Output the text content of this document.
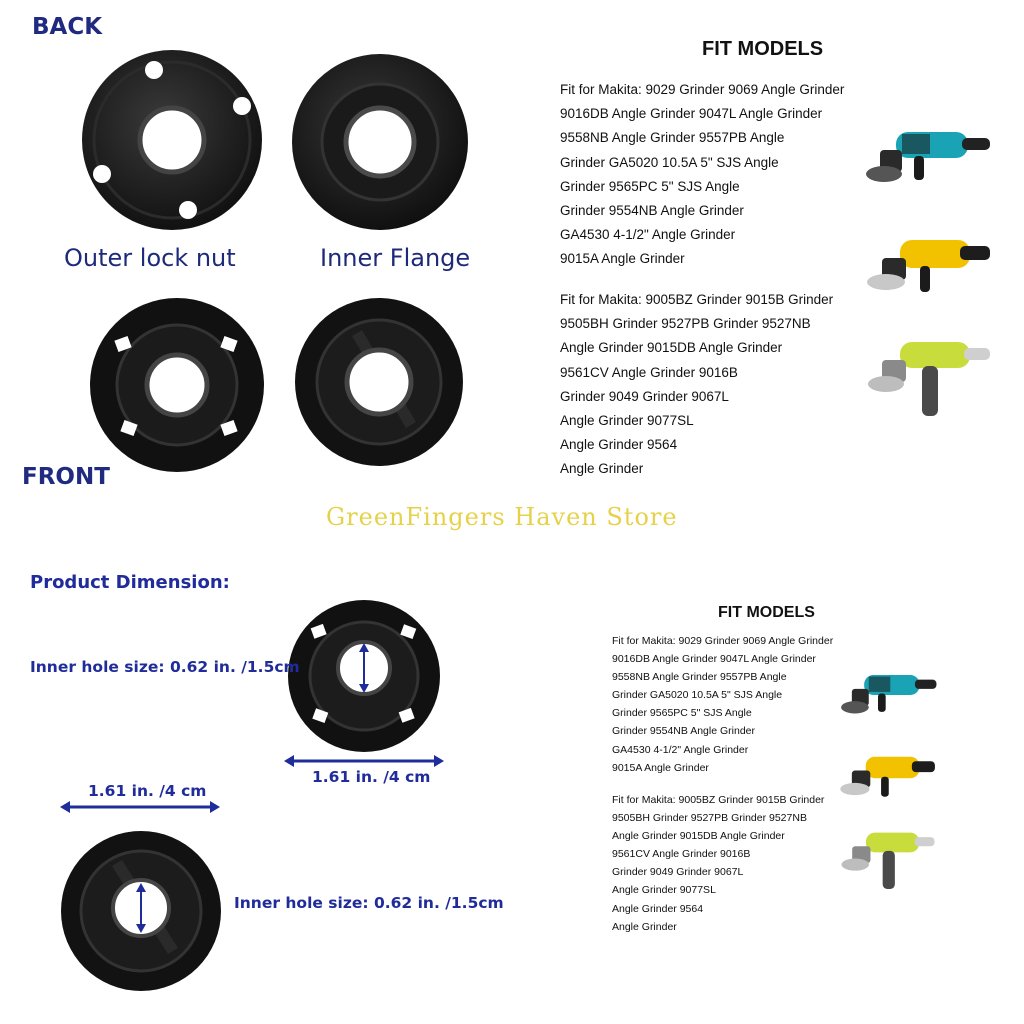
BACK
Outer lock nut	Inner Flange
FRONT
FIT MODELS
Fit for Makita: 9029 Grinder 9069 Angle Grinder
9016DB Angle Grinder 9047L Angle Grinder
9558NB Angle Grinder 9557PB Angle
Grinder GA5020 10.5A 5" SJS Angle
Grinder 9565PC 5" SJS Angle
Grinder 9554NB Angle Grinder
GA4530 4-1/2" Angle Grinder
9015A Angle Grinder
Fit for Makita: 9005BZ Grinder 9015B Grinder
9505BH Grinder 9527PB Grinder 9527NB
Angle Grinder 9015DB Angle Grinder
9561CV Angle Grinder 9016B
Grinder 9049 Grinder 9067L
Angle Grinder 9077SL
Angle Grinder 9564
Angle Grinder
GreenFingers Haven Store
Product Dimension:
Inner hole size: 0.62 in. /1.5cm
1.61 in. /4 cm
1.61 in. /4 cm
Inner hole size: 0.62 in. /1.5cm
FIT MODELS
Fit for Makita: 9029 Grinder 9069 Angle Grinder
9016DB Angle Grinder 9047L Angle Grinder
9558NB Angle Grinder 9557PB Angle
Grinder GA5020 10.5A 5" SJS Angle
Grinder 9565PC 5" SJS Angle
Grinder 9554NB Angle Grinder
GA4530 4-1/2" Angle Grinder
9015A Angle Grinder
Fit for Makita: 9005BZ Grinder 9015B Grinder
9505BH Grinder 9527PB Grinder 9527NB
Angle Grinder 9015DB Angle Grinder
9561CV Angle Grinder 9016B
Grinder 9049 Grinder 9067L
Angle Grinder 9077SL
Angle Grinder 9564
Angle Grinder
